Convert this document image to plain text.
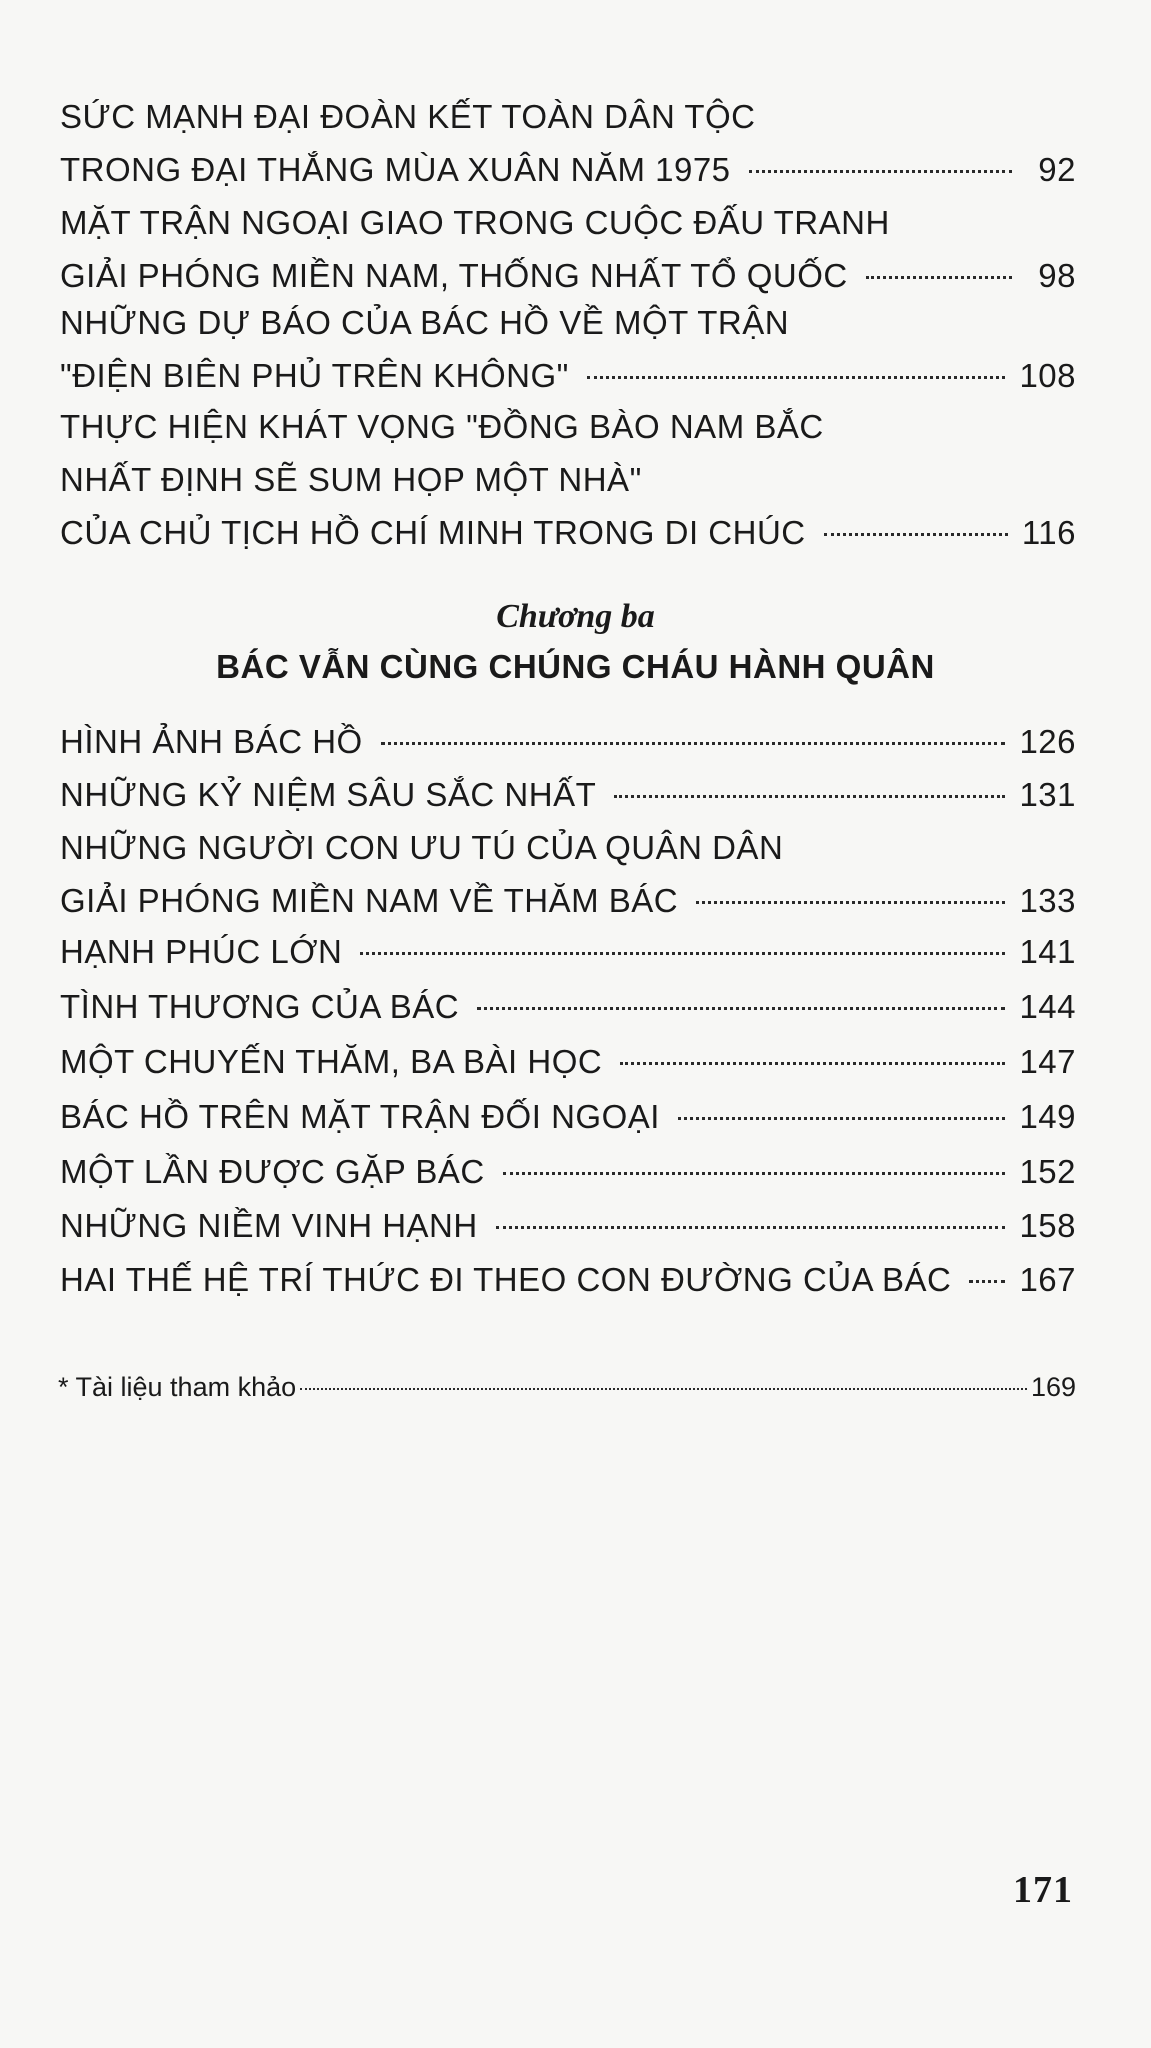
SỨC MẠNH ĐẠI ĐOÀN KẾT TOÀN DÂN TỘC
TRONG ĐẠI THẮNG MÙA XUÂN NĂM 1975	92
MẶT TRẬN NGOẠI GIAO TRONG CUỘC ĐẤU TRANH
GIẢI PHÓNG MIỀN NAM, THỐNG NHẤT TỔ QUỐC	98
NHỮNG DỰ BÁO CỦA BÁC HỒ VỀ MỘT TRẬN
"ĐIỆN BIÊN PHỦ TRÊN KHÔNG"	108
THỰC HIỆN KHÁT VỌNG "ĐỒNG BÀO NAM BẮC
NHẤT ĐỊNH SẼ SUM HỌP MỘT NHÀ"
CỦA CHỦ TỊCH HỒ CHÍ MINH TRONG DI CHÚC	116
Chương ba
BÁC VẪN CÙNG CHÚNG CHÁU HÀNH QUÂN
HÌNH ẢNH BÁC HỒ	126
NHỮNG KỶ NIỆM SÂU SẮC NHẤT	131
NHỮNG NGƯỜI CON ƯU TÚ CỦA QUÂN DÂN
GIẢI PHÓNG MIỀN NAM VỀ THĂM BÁC	133
HẠNH PHÚC LỚN	141
TÌNH THƯƠNG CỦA BÁC	144
MỘT CHUYẾN THĂM, BA BÀI HỌC	147
BÁC HỒ TRÊN MẶT TRẬN ĐỐI NGOẠI	149
MỘT LẦN ĐƯỢC GẶP BÁC	152
NHỮNG NIỀM VINH HẠNH	158
HAI THẾ HỆ TRÍ THỨC ĐI THEO CON ĐƯỜNG CỦA BÁC 167
* Tài liệu tham khảo	169
171
